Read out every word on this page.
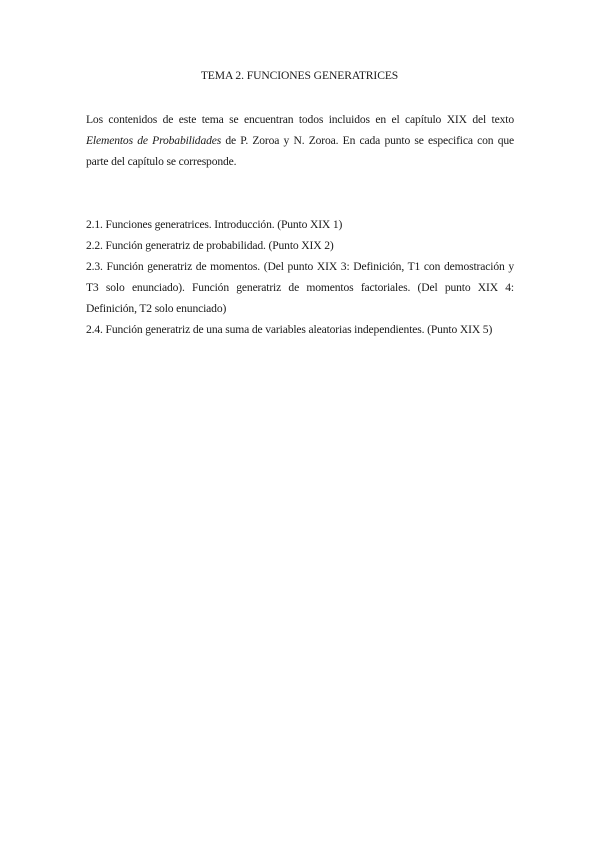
TEMA 2. FUNCIONES GENERATRICES

Los contenidos de este tema se encuentran todos incluidos en el capítulo XIX del texto Elementos de Probabilidades de P. Zoroa y N. Zoroa. En cada punto se especifica con que parte del capítulo se corresponde.

2.1. Funciones generatrices. Introducción. (Punto XIX 1)

2.2. Función generatriz de probabilidad. (Punto XIX 2)

2.3. Función generatriz de momentos. (Del punto XIX 3: Definición, T1 con demostración y T3 solo enunciado). Función generatriz de momentos factoriales. (Del punto XIX 4: Definición, T2 solo enunciado)

2.4. Función generatriz de una suma de variables aleatorias independientes. (Punto XIX 5)
